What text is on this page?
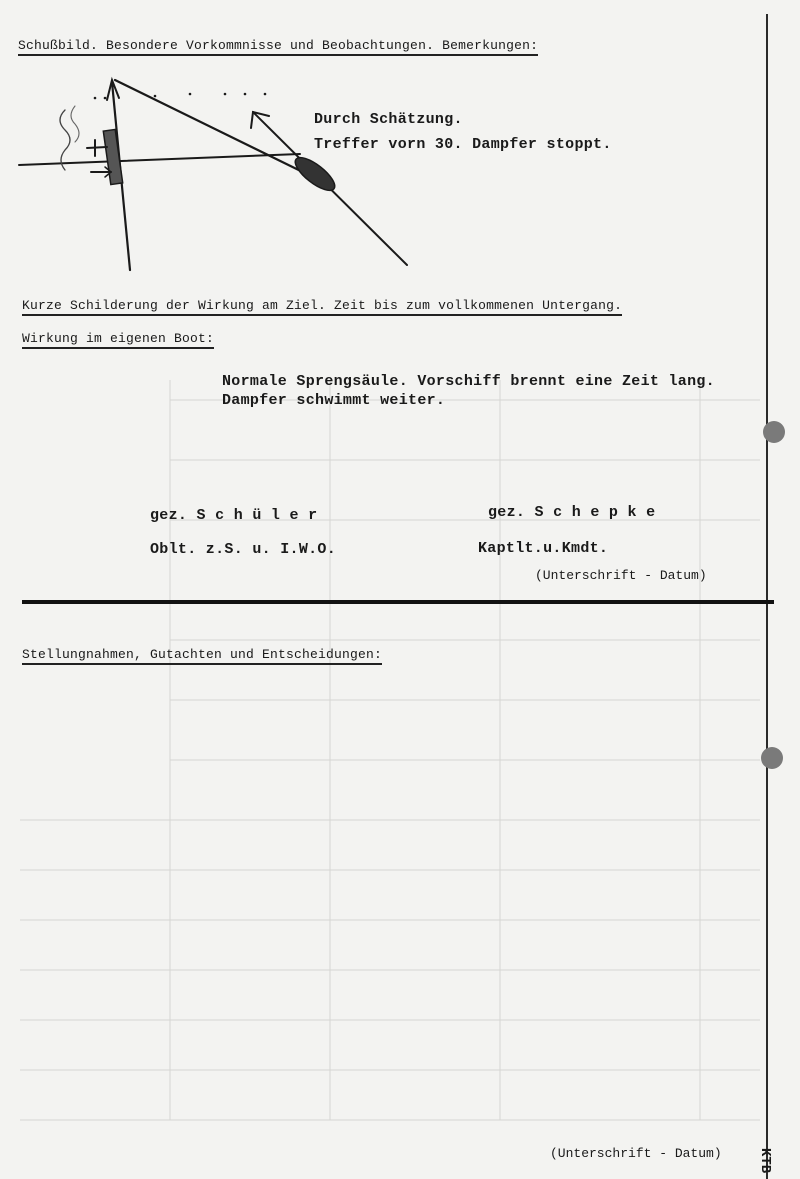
Schußbild. Besondere Vorkommnisse und Beobachtungen. Bemerkungen:
Durch Schätzung.
Treffer vorn 30. Dampfer stoppt.
Kurze Schilderung der Wirkung am Ziel. Zeit bis zum vollkommenen Untergang.
Wirkung im eigenen Boot:
Normale Sprengsäule. Vorschiff brennt eine Zeit lang.
Dampfer schwimmt weiter.
gez. S c h ü l e r
Oblt. z.S. u. I.W.O.
gez. S c h e p k e
Kaptlt.u.Kmdt.
(Unterschrift - Datum)
Stellungnahmen, Gutachten und Entscheidungen:
(Unterschrift - Datum)	KTB
